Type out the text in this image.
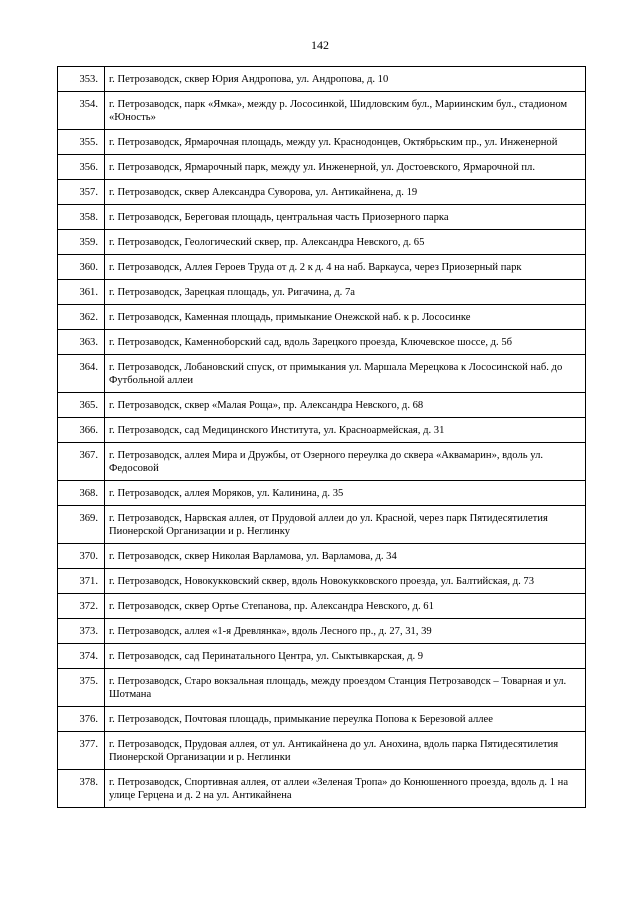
142
353.	г. Петрозаводск, сквер Юрия Андропова, ул. Андропова, д. 10

354.	г. Петрозаводск, парк «Ямка», между р. Лососинкой, Шидловским бул., Мариинским бул., стадионом «Юность»

355.	г. Петрозаводск, Ярмарочная площадь, между ул. Краснодонцев, Октябрьским пр., ул. Инженерной

356.	г. Петрозаводск, Ярмарочный парк, между ул. Инженерной, ул. Достоевского, Ярмарочной пл.

357.	г. Петрозаводск, сквер Александра Суворова, ул. Антикайнена, д. 19

358.	г. Петрозаводск, Береговая площадь, центральная часть Приозерного парка

359.	г. Петрозаводск, Геологический сквер, пр. Александра Невского, д. 65

360.	г. Петрозаводск, Аллея Героев Труда от д. 2 к д. 4 на наб. Варкауса, через Приозерный парк

361.	г. Петрозаводск, Зарецкая площадь, ул. Ригачина, д. 7а

362.	г. Петрозаводск, Каменная площадь, примыкание Онежской наб. к р. Лососинке

363.	г. Петрозаводск, Каменноборский сад, вдоль Зарецкого проезда, Ключевское шоссе, д. 5б

364.	г. Петрозаводск, Лобановский спуск, от примыкания ул. Маршала Мерецкова к Лососинской наб. до Футбольной аллеи

365.	г. Петрозаводск, сквер «Малая Роща», пр. Александра Невского, д. 68

366.	г. Петрозаводск, сад Медицинского Института, ул. Красноармейская, д. 31

367.	г. Петрозаводск, аллея Мира и Дружбы, от Озерного переулка до сквера «Аквамарин», вдоль ул. Федосовой

368.	г. Петрозаводск, аллея Моряков, ул. Калинина, д. 35

369.	г. Петрозаводск, Нарвская аллея, от Прудовой аллеи до ул. Красной, через парк Пятидесятилетия Пионерской Организации и р. Неглинку

370.	г. Петрозаводск, сквер Николая Варламова, ул. Варламова, д. 34

371.	г. Петрозаводск, Новокукковский сквер, вдоль Новокукковского проезда, ул. Балтийская, д. 73

372.	г. Петрозаводск, сквер Ортье Степанова, пр. Александра Невского, д. 61

373.	г. Петрозаводск, аллея «1-я Древлянка», вдоль Лесного пр., д. 27, 31, 39

374.	г. Петрозаводск, сад Перинатального Центра, ул. Сыктывкарская, д. 9

375.	г. Петрозаводск, Старо вокзальная площадь, между проездом Станция Петрозаводск – Товарная и ул. Шотмана

376.	г. Петрозаводск, Почтовая площадь, примыкание переулка Попова к Березовой аллее

377.	г. Петрозаводск, Прудовая аллея, от ул. Антикайнена до ул. Анохина, вдоль парка Пятидесятилетия Пионерской Организации и р. Неглинки

378.	г. Петрозаводск, Спортивная аллея, от аллеи «Зеленая Тропа» до Конюшенного проезда, вдоль д. 1 на улице Герцена и д. 2 на ул. Антикайнена
